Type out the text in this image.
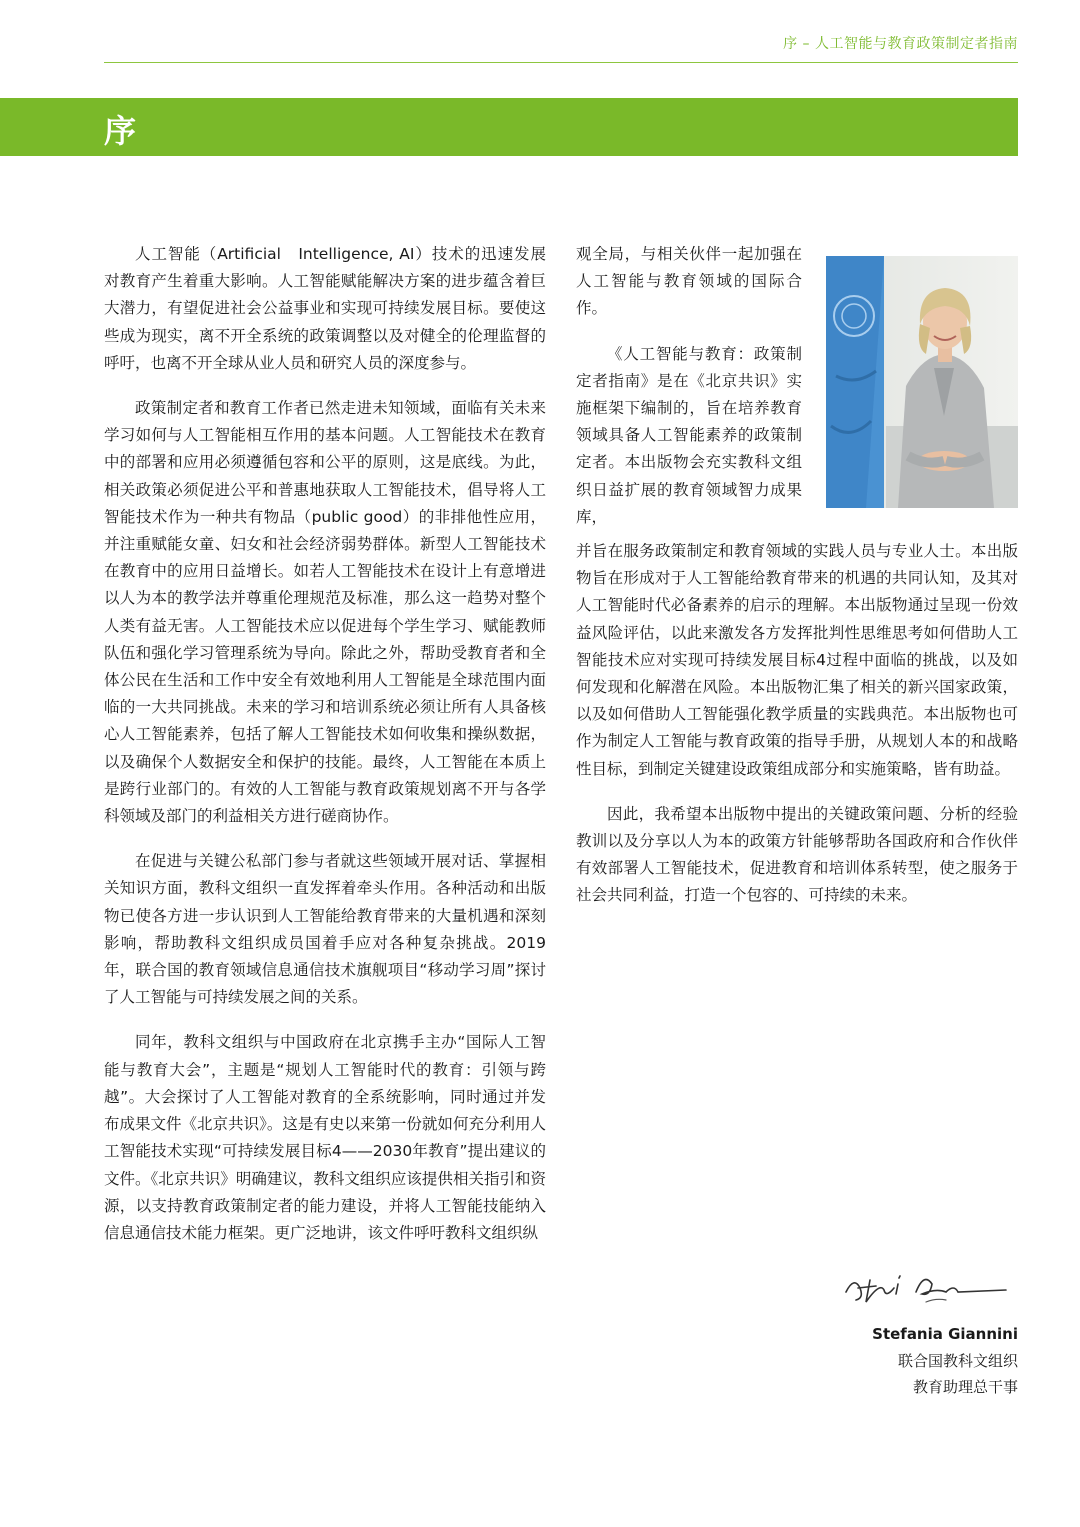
序 – 人工智能与教育政策制定者指南
序

人工智能（Artificial　Intelligence, AI）技术的迅速发展对教育产生着重大影响。人工智能赋能解决方案的进步蕴含着巨大潜力，有望促进社会公益事业和实现可持续发展目标。要使这些成为现实，离不开全系统的政策调整以及对健全的伦理监督的呼吁，也离不开全球从业人员和研究人员的深度参与。

政策制定者和教育工作者已然走进未知领域，面临有关未来学习如何与人工智能相互作用的基本问题。人工智能技术在教育中的部署和应用必须遵循包容和公平的原则，这是底线。为此，相关政策必须促进公平和普惠地获取人工智能技术，倡导将人工智能技术作为一种共有物品（public good）的非排他性应用，并注重赋能女童、妇女和社会经济弱势群体。新型人工智能技术在教育中的应用日益增长。如若人工智能技术在设计上有意增进以人为本的教学法并尊重伦理规范及标准，那么这一趋势对整个人类有益无害。人工智能技术应以促进每个学生学习、赋能教师队伍和强化学习管理系统为导向。除此之外，帮助受教育者和全体公民在生活和工作中安全有效地利用人工智能是全球范围内面临的一大共同挑战。未来的学习和培训系统必须让所有人具备核心人工智能素养，包括了解人工智能技术如何收集和操纵数据，以及确保个人数据安全和保护的技能。最终，人工智能在本质上是跨行业部门的。有效的人工智能与教育政策规划离不开与各学科领域及部门的利益相关方进行磋商协作。

在促进与关键公私部门参与者就这些领域开展对话、掌握相关知识方面，教科文组织一直发挥着牵头作用。各种活动和出版物已使各方进一步认识到人工智能给教育带来的大量机遇和深刻影响，帮助教科文组织成员国着手应对各种复杂挑战。2019年，联合国的教育领域信息通信技术旗舰项目“移动学习周”探讨了人工智能与可持续发展之间的关系。

同年，教科文组织与中国政府在北京携手主办“国际人工智能与教育大会”，主题是“规划人工智能时代的教育：引领与跨越”。大会探讨了人工智能对教育的全系统影响，同时通过并发布成果文件《北京共识》。这是有史以来第一份就如何充分利用人工智能技术实现“可持续发展目标4——2030年教育”提出建议的文件。《北京共识》明确建议，教科文组织应该提供相关指引和资源，以支持教育政策制定者的能力建设，并将人工智能技能纳入信息通信技术能力框架。更广泛地讲，该文件呼吁教科文组织纵

观全局，与相关伙伴一起加强在人工智能与教育领域的国际合作。

《人工智能与教育：政策制定者指南》是在《北京共识》实施框架下编制的，旨在培养教育领域具备人工智能素养的政策制定者。本出版物会充实教科文组织日益扩展的教育领域智力成果库，

并旨在服务政策制定和教育领域的实践人员与专业人士。本出版物旨在形成对于人工智能给教育带来的机遇的共同认知，及其对人工智能时代必备素养的启示的理解。本出版物通过呈现一份效益风险评估，以此来激发各方发挥批判性思维思考如何借助人工智能技术应对实现可持续发展目标4过程中面临的挑战，以及如何发现和化解潜在风险。本出版物汇集了相关的新兴国家政策，以及如何借助人工智能强化教学质量的实践典范。本出版物也可作为制定人工智能与教育政策的指导手册，从规划人本的和战略性目标，到制定关键建设政策组成部分和实施策略，皆有助益。

因此，我希望本出版物中提出的关键政策问题、分析的经验教训以及分享以人为本的政策方针能够帮助各国政府和合作伙伴有效部署人工智能技术，促进教育和培训体系转型，使之服务于社会共同利益，打造一个包容的、可持续的未来。

Stefania Giannini
联合国教科文组织
教育助理总干事
